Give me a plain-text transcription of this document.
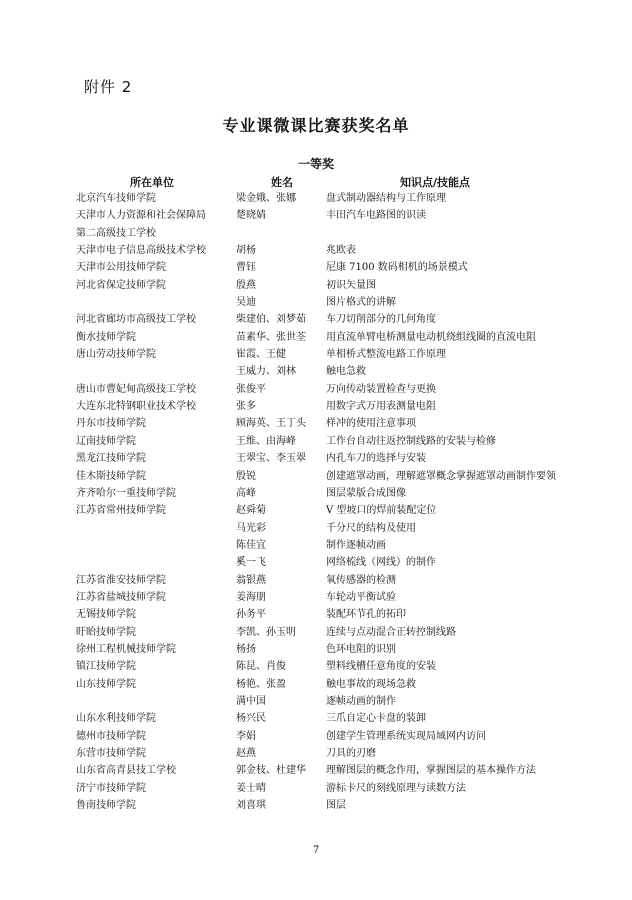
附件 2
专业课微课比赛获奖名单
一等奖
所在单位	姓名	知识点/技能点
北京汽车技师学院	梁金娥、张娜	盘式制动器结构与工作原理
天津市人力资源和社会保障局	楚晓婧	丰田汽车电路图的识读
第二高级技工学校		
天津市电子信息高级技术学校	胡杨	兆欧表
天津市公用技师学院	曹钰	尼康 7100 数码相机的场景模式
河北省保定技师学院	殷燕	初识矢量图
	吴迪	图片格式的讲解
河北省廊坊市高级技工学校	柴建伯、刘梦茹	车刀切削部分的几何角度
衡水技师学院	苗素华、张世荃	用直流单臂电桥测量电动机绕组线圈的直流电阻
唐山劳动技师学院	崔霞、王健	单相桥式整流电路工作原理
	王威力、刘林	触电急救
唐山市曹妃甸高级技工学校	张俊平	万向传动装置检查与更换
大连东北特钢职业技术学校	张多	用数字式万用表测量电阻
丹东市技师学院	顾海英、王丁头	样冲的使用注意事项
辽南技师学院	王维、由海峰	工作台自动往返控制线路的安装与检修
黑龙江技师学院	王翠宝、李玉翠	内孔车刀的选择与安装
佳木斯技师学院	殷锐	创建遮罩动画，理解遮罩概念掌握遮罩动画制作要领
齐齐哈尔一重技师学院	高峰	图层蒙版合成图像
江苏省常州技师学院	赵舜菊	V 型坡口的焊前装配定位
	马光彩	千分尺的结构及使用
	陈佳宜	制作逐帧动画
	奚一飞	网络梳线（网线）的制作
江苏省淮安技师学院	翁银燕	氧传感器的检测
江苏省盐城技师学院	姜海朋	车轮动平衡试验
无锡技师学院	孙务平	装配环节孔的拓印
盱眙技师学院	李凯、孙玉明	连续与点动混合正转控制线路
徐州工程机械技师学院	杨扬	色环电阻的识别
镇江技师学院	陈昆、肖俊	塑料线槽任意角度的安装
山东技师学院	杨艳、张盈	触电事故的现场急救
	满中国	逐帧动画的制作
山东水利技师学院	杨兴民	三爪自定心卡盘的装卸
德州市技师学院	李娟	创建学生管理系统实现局域网内访问
东营市技师学院	赵燕	刀具的刃磨
山东省高青县技工学校	郭金枝、杜建华	理解图层的概念作用，掌握图层的基本操作方法
济宁市技师学院	姜士晴	游标卡尺的刻线原理与读数方法
鲁南技师学院	刘喜琪	图层
7
